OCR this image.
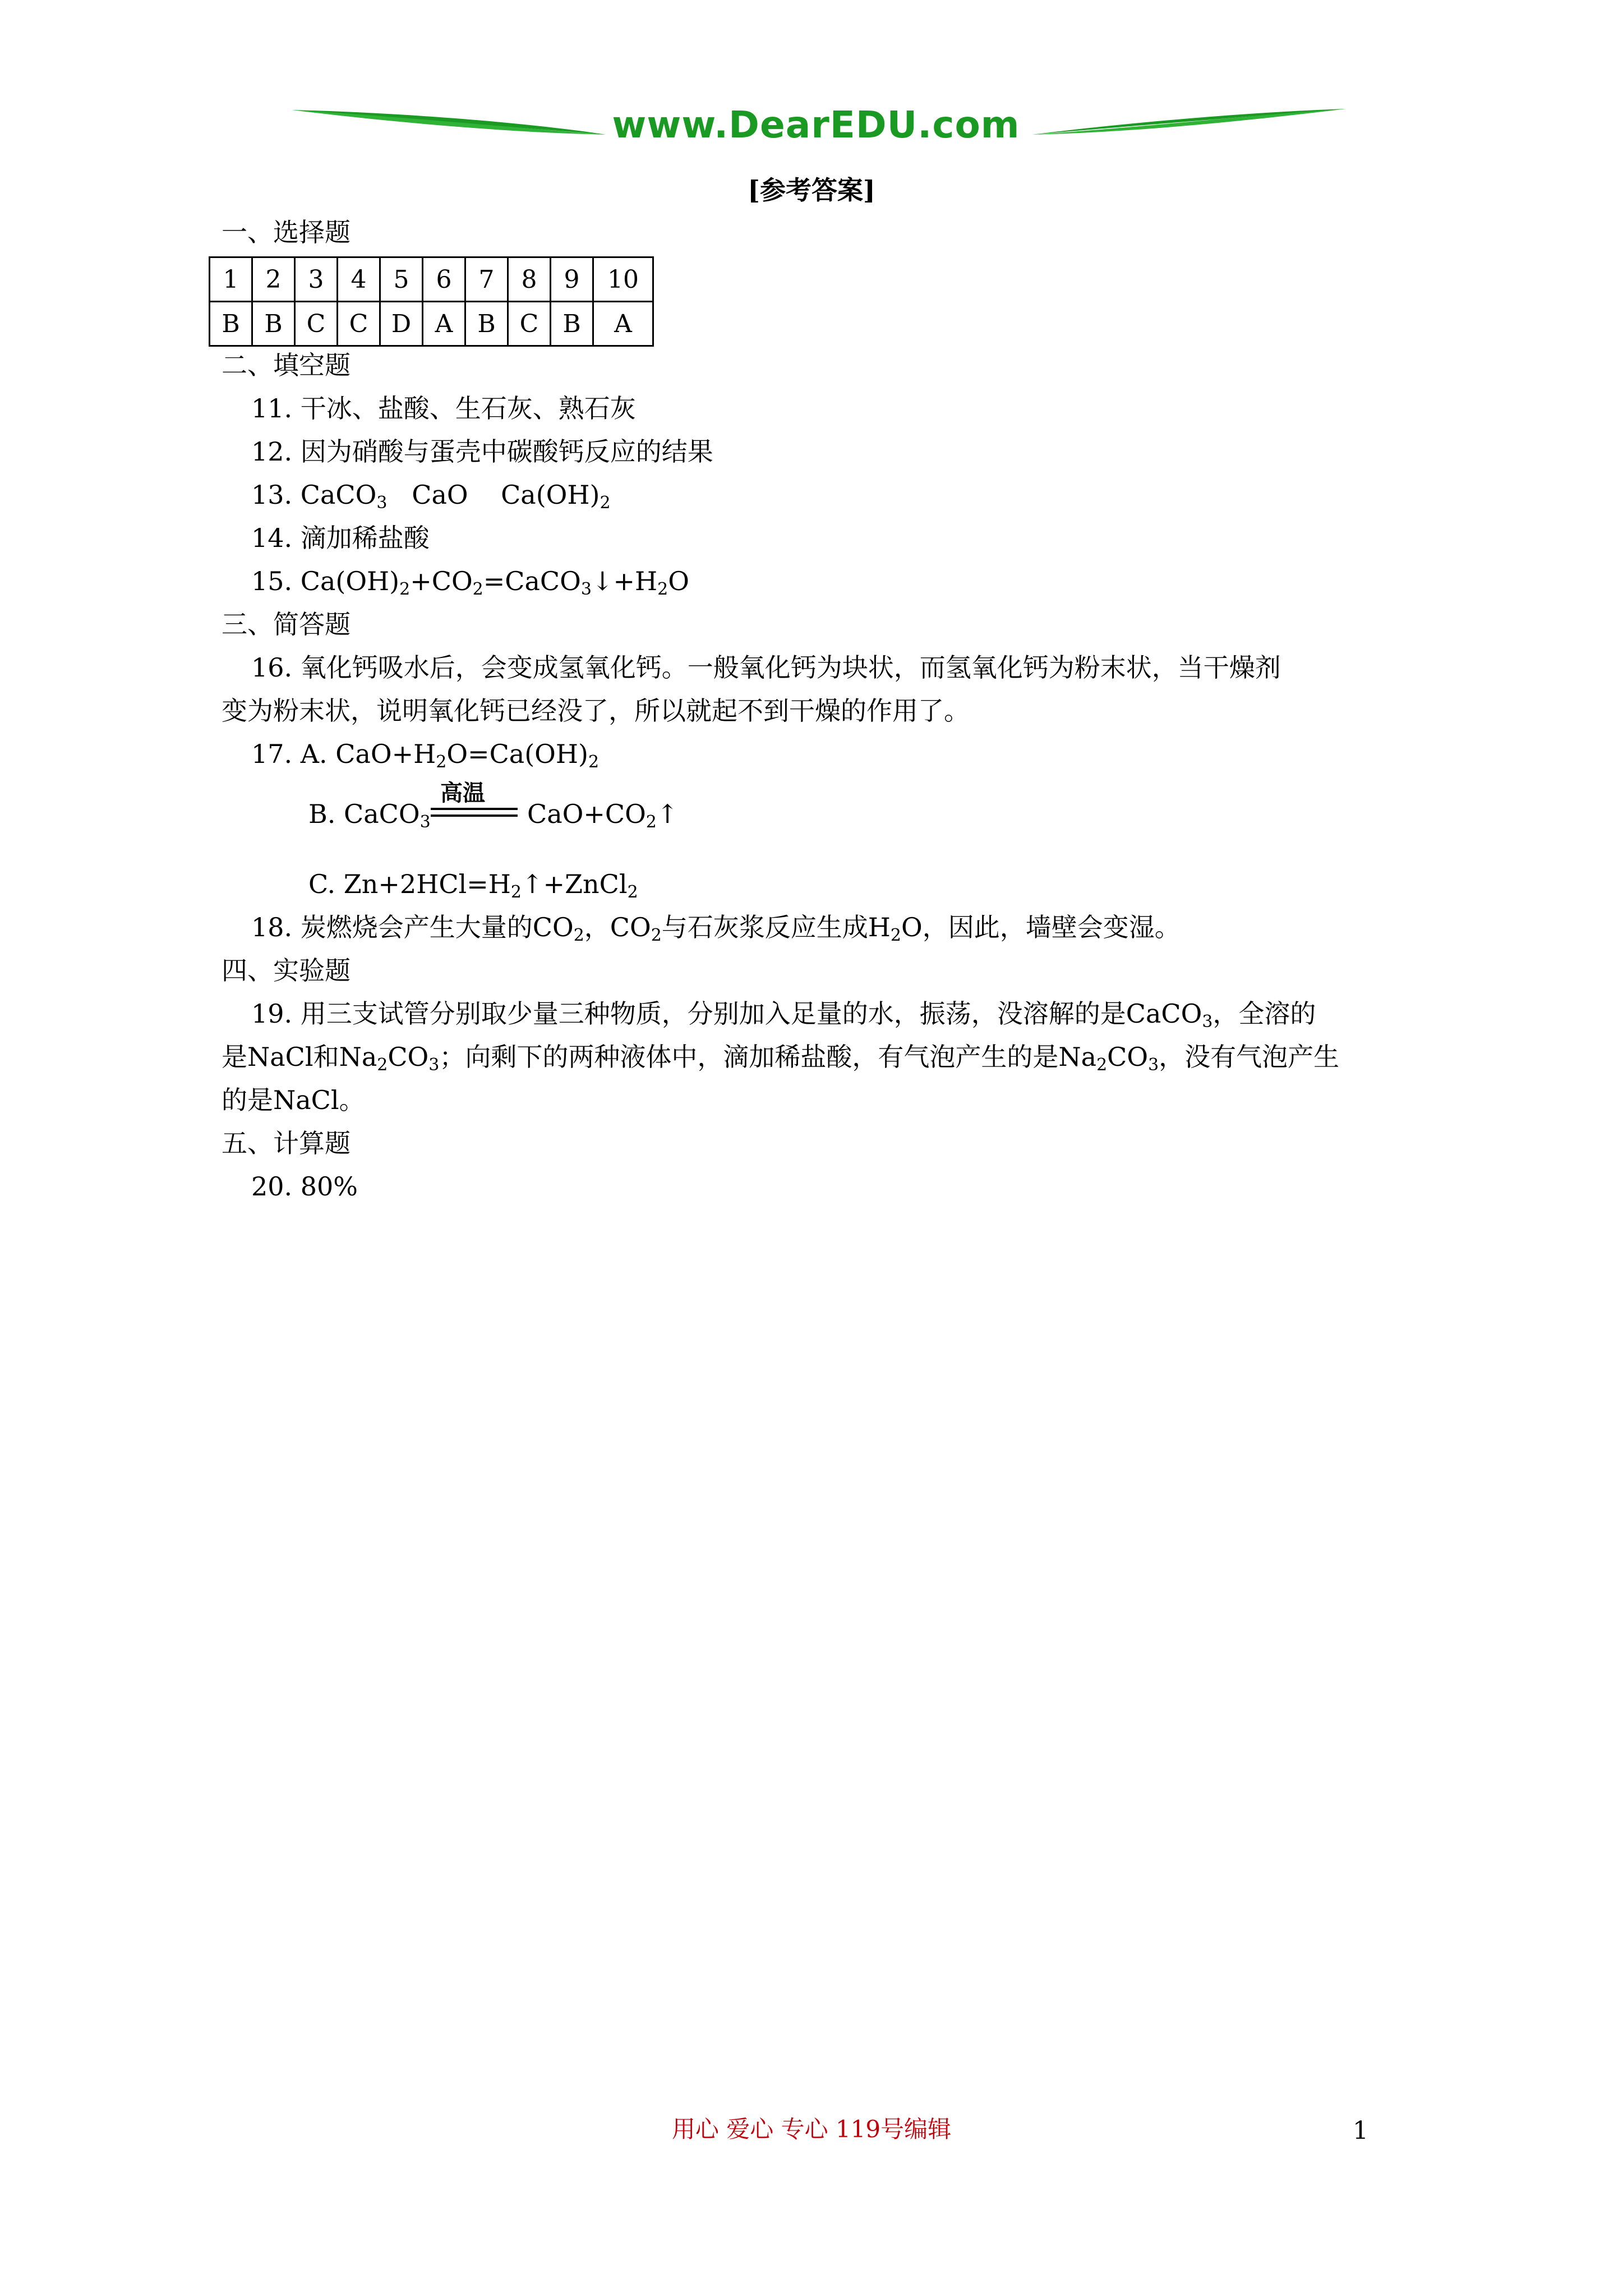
www.DearEDU.com
[参考答案]
一、选择题
1	2	3	4	5	6	7	8	9	10
B	B	C	C	D	A	B	C	B	A
二、填空题
11. 干冰、盐酸、生石灰、熟石灰
12. 因为硝酸与蛋壳中碳酸钙反应的结果
13. CaCO$_3$   CaO    $Ca(OH)_2$
14. 滴加稀盐酸
15. $Ca(OH)_2+CO_2=CaCO_3↓+H_2O$
三、简答题
16. 氧化钙吸水后，会变成氢氧化钙。一般氧化钙为块状，而氢氧化钙为粉末状，当干燥剂
变为粉末状，说明氧化钙已经没了，所以就起不到干燥的作用了。
17. A. $CaO+H_2O=Ca(OH)_2$
高温
B. CaCO$_3$	$CaO+CO_2↑$
C. $Zn+2HCl=H_2↑+ZnCl_2$
18. 炭燃烧会产生大量的$CO_2$，$CO_2$与石灰浆反应生成$H_2O$，因此，墙壁会变湿。
四、实验题
19. 用三支试管分别取少量三种物质，分别加入足量的水，振荡，没溶解的是CaCO$_3$，全溶的
是NaCl和$Na_2CO_3$；向剩下的两种液体中，滴加稀盐酸，有气泡产生的是$Na_2CO_3$，没有气泡产生
的是NaCl。
五、计算题
20. 80%
用心 爱心 专心 119号编辑	1
